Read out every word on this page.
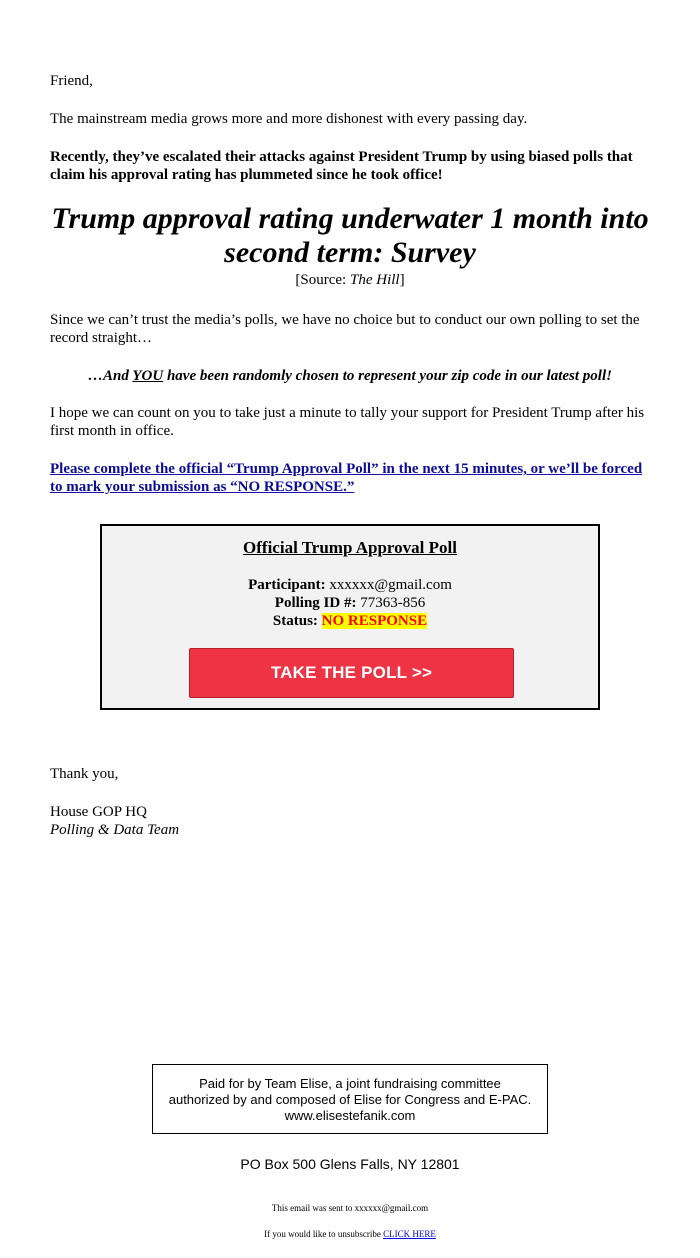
Friend,

The mainstream media grows more and more dishonest with every passing day.

Recently, they’ve escalated their attacks against President Trump by using biased polls that claim his approval rating has plummeted since he took office!

Trump approval rating underwater 1 month into second term: Survey

[Source: The Hill]

Since we can’t trust the media’s polls, we have no choice but to conduct our own polling to set the record straight…

…And YOU have been randomly chosen to represent your zip code in our latest poll!

I hope we can count on you to take just a minute to tally your support for President Trump after his first month in office.

Please complete the official “Trump Approval Poll” in the next 15 minutes, or we’ll be forced to mark your submission as “NO RESPONSE.”

Official Trump Approval Poll

Participant: xxxxxx@gmail.com

Polling ID #: 77363-856

Status: NO RESPONSE

TAKE THE POLL >>

Thank you,

House GOP HQ

Polling & Data Team

Paid for by Team Elise, a joint fundraising committee authorized by and composed of Elise for Congress and E-PAC. www.elisestefanik.com

PO Box 500 Glens Falls, NY 12801

This email was sent to xxxxxx@gmail.com

If you would like to unsubscribe CLICK HERE
